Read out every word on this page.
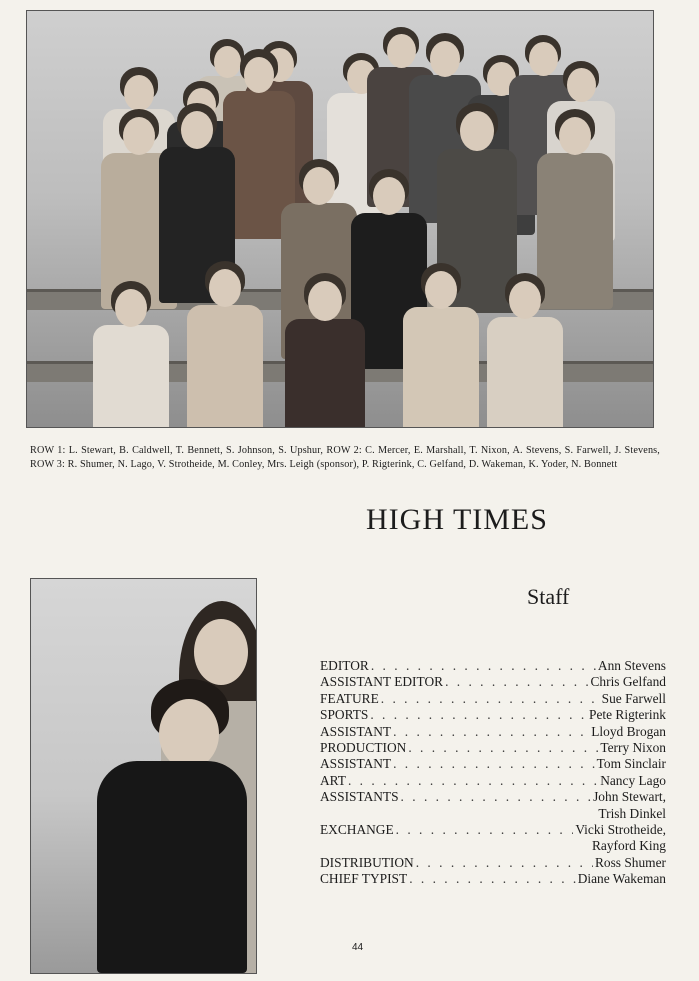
ROW 1: L. Stewart, B. Caldwell, T. Bennett, S. Johnson, S. Upshur, ROW 2: C. Mercer, E. Marshall, T. Nixon, A. Stevens, S. Farwell, J. Stevens, ROW 3: R. Shumer, N. Lago, V. Strotheide, M. Conley, Mrs. Leigh (sponsor), P. Rigterink, C. Gelfand, D. Wakeman, K. Yoder, N. Bonnett
HIGH TIMES
Staff
EDITOR . . .	Ann Stevens
ASSISTANT EDITOR . . .	Chris Gelfand
FEATURE . . .	Sue Farwell
SPORTS . . .	Pete Rigterink
ASSISTANT . . .	Lloyd Brogan
PRODUCTION . . .	Terry Nixon
ASSISTANT . . .	Tom Sinclair
ART . . .	Nancy Lago
ASSISTANTS . . .	John Stewart,
Trish Dinkel
EXCHANGE . . .	Vicki Strotheide,
Rayford King
DISTRIBUTION . . .	Ross Shumer
CHIEF TYPIST . . .	Diane Wakeman
44
